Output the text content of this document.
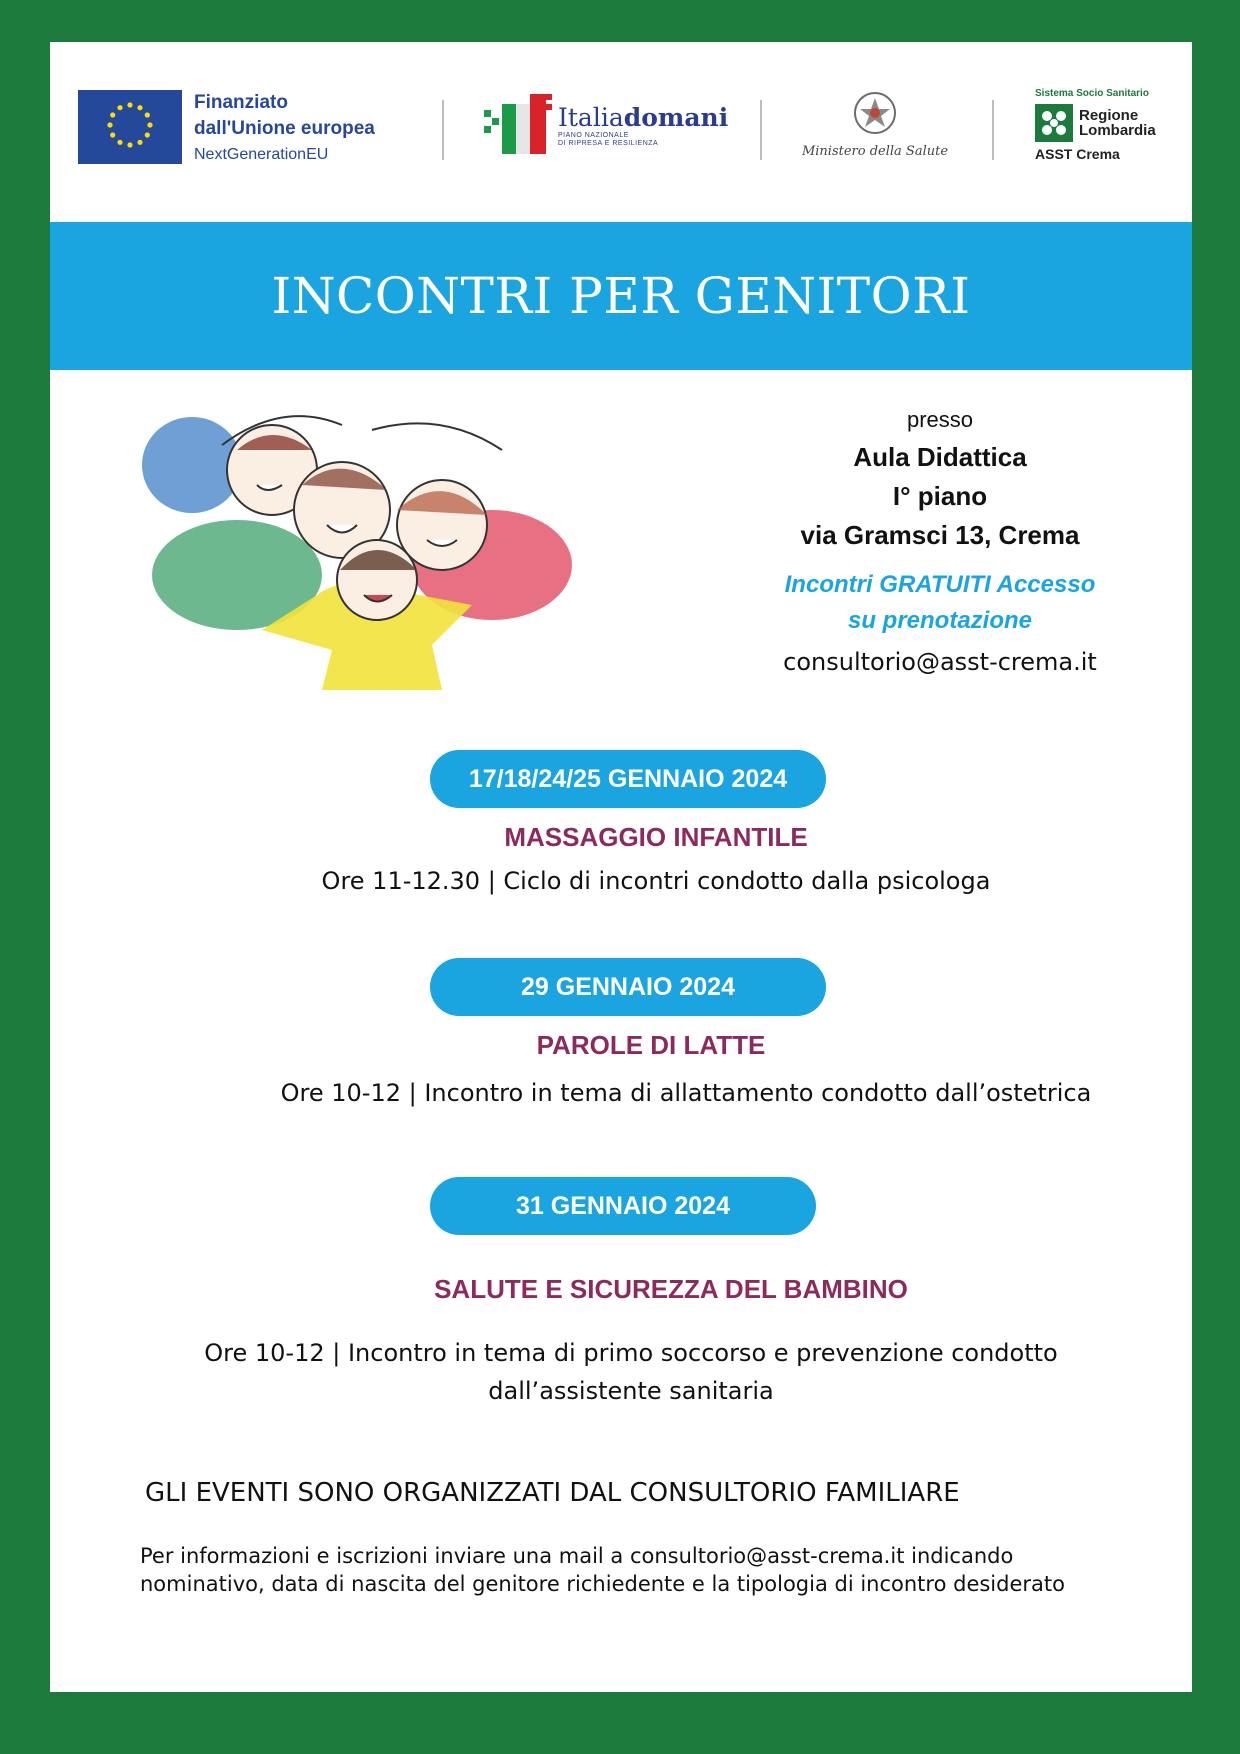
Finanziato
dall'Unione europea
NextGenerationEU
Italiadomani
PIANO NAZIONALE
DI RIPRESA E RESILIENZA
Ministero della Salute
Sistema Socio Sanitario
Regione
Lombardia
ASST Crema
INCONTRI PER GENITORI
presso
Aula Didattica
I° piano
via Gramsci 13, Crema
Incontri GRATUITI Accesso
su prenotazione
consultorio@asst-crema.it
17/18/24/25 GENNAIO 2024
MASSAGGIO INFANTILE
Ore 11-12.30 | Ciclo di incontri condotto dalla psicologa
29 GENNAIO 2024
PAROLE DI LATTE
Ore 10-12 | Incontro in tema di allattamento condotto dall’ostetrica
31 GENNAIO 2024
SALUTE E SICUREZZA DEL BAMBINO
Ore 10-12 | Incontro in tema di primo soccorso e prevenzione condotto
dall’assistente sanitaria
GLI EVENTI SONO ORGANIZZATI DAL CONSULTORIO FAMILIARE
Per informazioni e iscrizioni inviare una mail a consultorio@asst-crema.it indicando
nominativo, data di nascita del genitore richiedente e la tipologia di incontro desiderato
